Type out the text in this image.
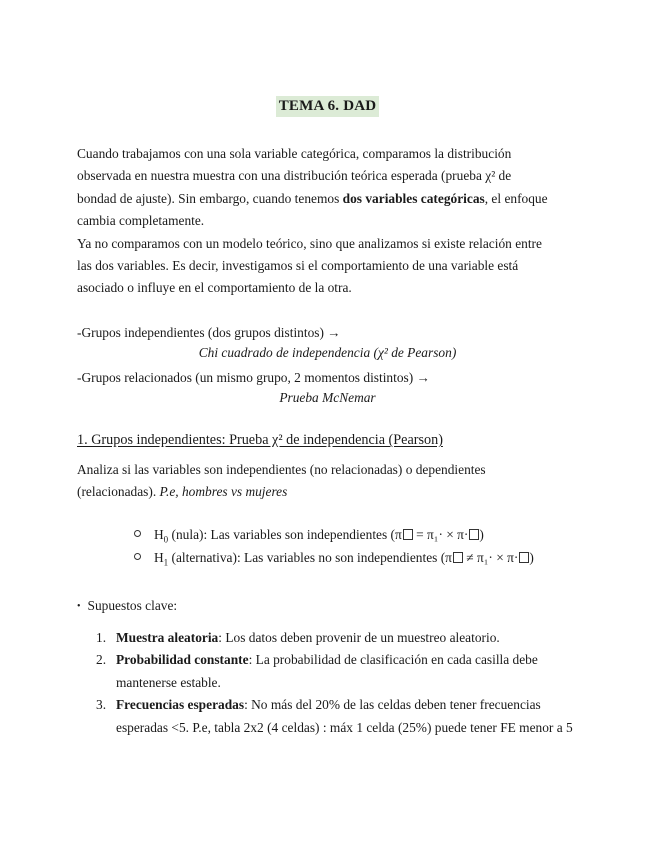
TEMA 6. DAD
Cuando trabajamos con una sola variable categórica, comparamos la distribución
observada en nuestra muestra con una distribución teórica esperada (prueba χ² de
bondad de ajuste). Sin embargo, cuando tenemos dos variables categóricas, el enfoque
cambia completamente.
Ya no comparamos con un modelo teórico, sino que analizamos si existe relación entre
las dos variables. Es decir, investigamos si el comportamiento de una variable está
asociado o influye en el comportamiento de la otra.
-Grupos independientes (dos grupos distintos) →
Chi cuadrado de independencia (χ² de Pearson)
-Grupos relacionados (un mismo grupo, 2 momentos distintos) →
Prueba McNemar
1. Grupos independientes: Prueba χ² de independencia (Pearson)
Analiza si las variables son independientes (no relacionadas) o dependientes
(relacionadas). P.e, hombres vs mujeres
$H_0$ (nula): Las variables son independientes (π = π₁· × π· )
$H_1$ (alternativa): Las variables no son independientes (π ≠ π₁· × π· )
• Supuestos clave:
1. Muestra aleatoria: Los datos deben provenir de un muestreo aleatorio.
2. Probabilidad constante: La probabilidad de clasificación en cada casilla debe
mantenerse estable.
3. Frecuencias esperadas: No más del 20% de las celdas deben tener frecuencias
esperadas <5. P.e, tabla 2x2 (4 celdas) : máx 1 celda (25%) puede tener FE menor a 5
